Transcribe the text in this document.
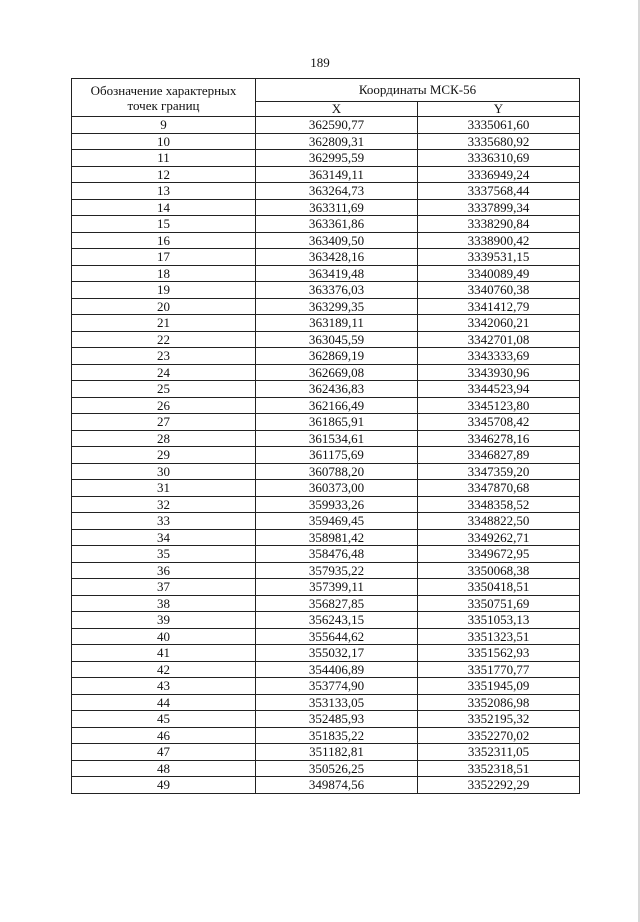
189
Обозначение характерных точек границ	Координаты МСК-56	
	X	Y
9	362590,77	3335061,60
10	362809,31	3335680,92
11	362995,59	3336310,69
12	363149,11	3336949,24
13	363264,73	3337568,44
14	363311,69	3337899,34
15	363361,86	3338290,84
16	363409,50	3338900,42
17	363428,16	3339531,15
18	363419,48	3340089,49
19	363376,03	3340760,38
20	363299,35	3341412,79
21	363189,11	3342060,21
22	363045,59	3342701,08
23	362869,19	3343333,69
24	362669,08	3343930,96
25	362436,83	3344523,94
26	362166,49	3345123,80
27	361865,91	3345708,42
28	361534,61	3346278,16
29	361175,69	3346827,89
30	360788,20	3347359,20
31	360373,00	3347870,68
32	359933,26	3348358,52
33	359469,45	3348822,50
34	358981,42	3349262,71
35	358476,48	3349672,95
36	357935,22	3350068,38
37	357399,11	3350418,51
38	356827,85	3350751,69
39	356243,15	3351053,13
40	355644,62	3351323,51
41	355032,17	3351562,93
42	354406,89	3351770,77
43	353774,90	3351945,09
44	353133,05	3352086,98
45	352485,93	3352195,32
46	351835,22	3352270,02
47	351182,81	3352311,05
48	350526,25	3352318,51
49	349874,56	3352292,29
